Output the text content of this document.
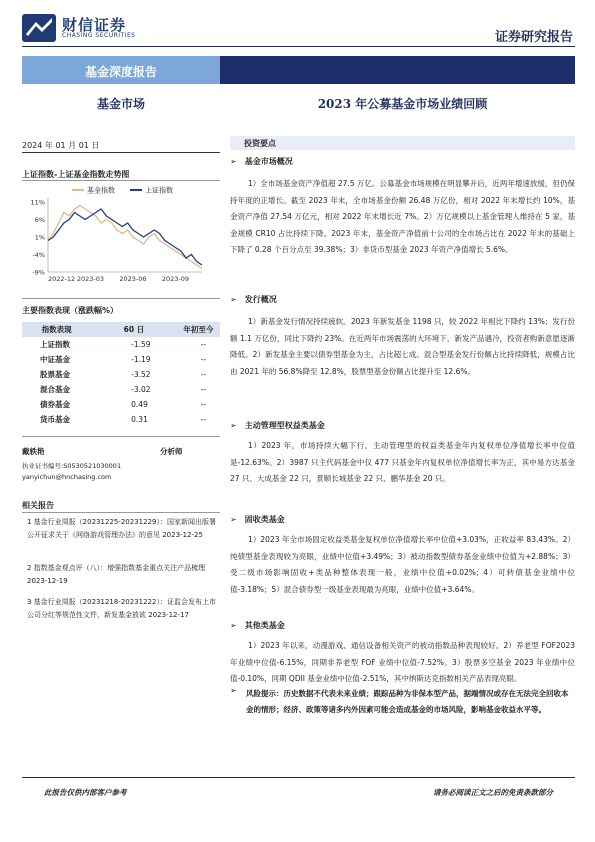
财信证券
CHASING SECURITIES	证券研究报告
基金深度报告
基金市场	2023 年公募基金市场业绩回顾
2024 年 01 月 01 日
上证指数-上证基金指数走势图
11%
6%
1%
-4%
-9%
2022-12 2023-03 2023-06 2023-09
基金指数	上证指数
主要指数表现（涨跌幅%）
指数表现	60 日	年初至今
上证指数	-1.59	--
中证基金	-1.19	--
股票基金	-3.52	--
混合基金	-3.02	--
债券基金	0.49	--
货币基金	0.31	--
戴轶艳	分析师
执业证书编号:S0530521030001
yanyichun@hnchasing.com
相关报告
1 基金行业周报（20231225-20231229）：国家新闻出版署公开征求关于《网络游戏管理办法》的意见 2023-12-25
2 指数基金观点评（八）：增强指数基金重点关注产品梳理 2023-12-19
3 基金行业周报（20231218-20231222）：证监会发布上市公司分红等规范性文件，新发基金放欲 2023-12-17
投资要点
➢ 基金市场概况
1）全市场基金资产净值超 27.5 万亿。公募基金市场规模在明显攀升后，近两年增速放缓，但仍保持年度的正增长。截至 2023 年末，全市场基金份额 26.48 万亿份，相对 2022 年末增长约 10%，基金资产净值 27.54 万亿元，相对 2022 年末增长近 7%。2）万亿规模以上基金管理人维持在 5 家，基金规模 CR10 占比持续下降。2023 年末，基金资产净值前十公司的全市场占比在 2022 年末的基础上下降了 0.28 个百分点至 39.38%；3）非货币型基金 2023 年资产净值增长 5.6%。
➢ 发行概况
1）新基金发行情况持续疲软。2023 年新发基金 1198 只，较 2022 年相比下降约 13%；发行份额 1.1 万亿份，同比下降约 23%。在近两年市场震荡的大环境下，新发产品遇冷，投资者购新意愿逐渐降低。2）新发基金主要以债券型基金为主，占比超七成。混合型基金发行份额占比持续降低，规模占比由 2021 年的 56.8%降至 12.8%，股票型基金份额占比提升至 12.6%。
➢ 主动管理型权益类基金
1）2023 年，市场持续大幅下行，主动管理型的权益类基金年内复权单位净值增长率中位值是-12.63%。2）3987 只主代码基金中仅 477 只基金年内复权单位净值增长率为正，其中易方达基金 27 只、大成基金 22 只，景顺长城基金 22 只、鹏华基金 20 只。
➢ 固收类基金
1）2023 年全市场固定收益类基金复权单位净值增长率中位值+3.03%，正收益率 83.43%。2）纯债型基金表现较为亮眼，业绩中位值+3.49%；3）被动指数型债券基金业绩中位值为+2.88%；3）受二级市场影响固收+类品种整体表现一般，业绩中位值+0.02%；4）可转债基金业绩中位值-3.18%；5）混合债券型一级基金表现最为亮眼，业绩中位值+3.64%。
➢ 其他类基金
1）2023 年以来，动漫游戏、通信设备相关资产的被动指数品种表现较好。2）养老型 FOF2023 年业绩中位值-6.15%，同期非养老型 FOF 业绩中位值-7.52%。3）股票多空基金 2023 年业绩中位值-0.10%，同期 QDII 基金业绩中位值-2.51%，其中纳斯达克指数相关产品表现亮眼。
➢ 风险提示：历史数据不代表未来业绩；跟踪品种为非保本型产品，据端情况或存在无法完全回收本金的情形；经济、政策等诸多内外因素可能会造成基金的市场风险，影响基金收益水平等。
此报告仅供内部客户参考	请务必阅读正文之后的免责条款部分
